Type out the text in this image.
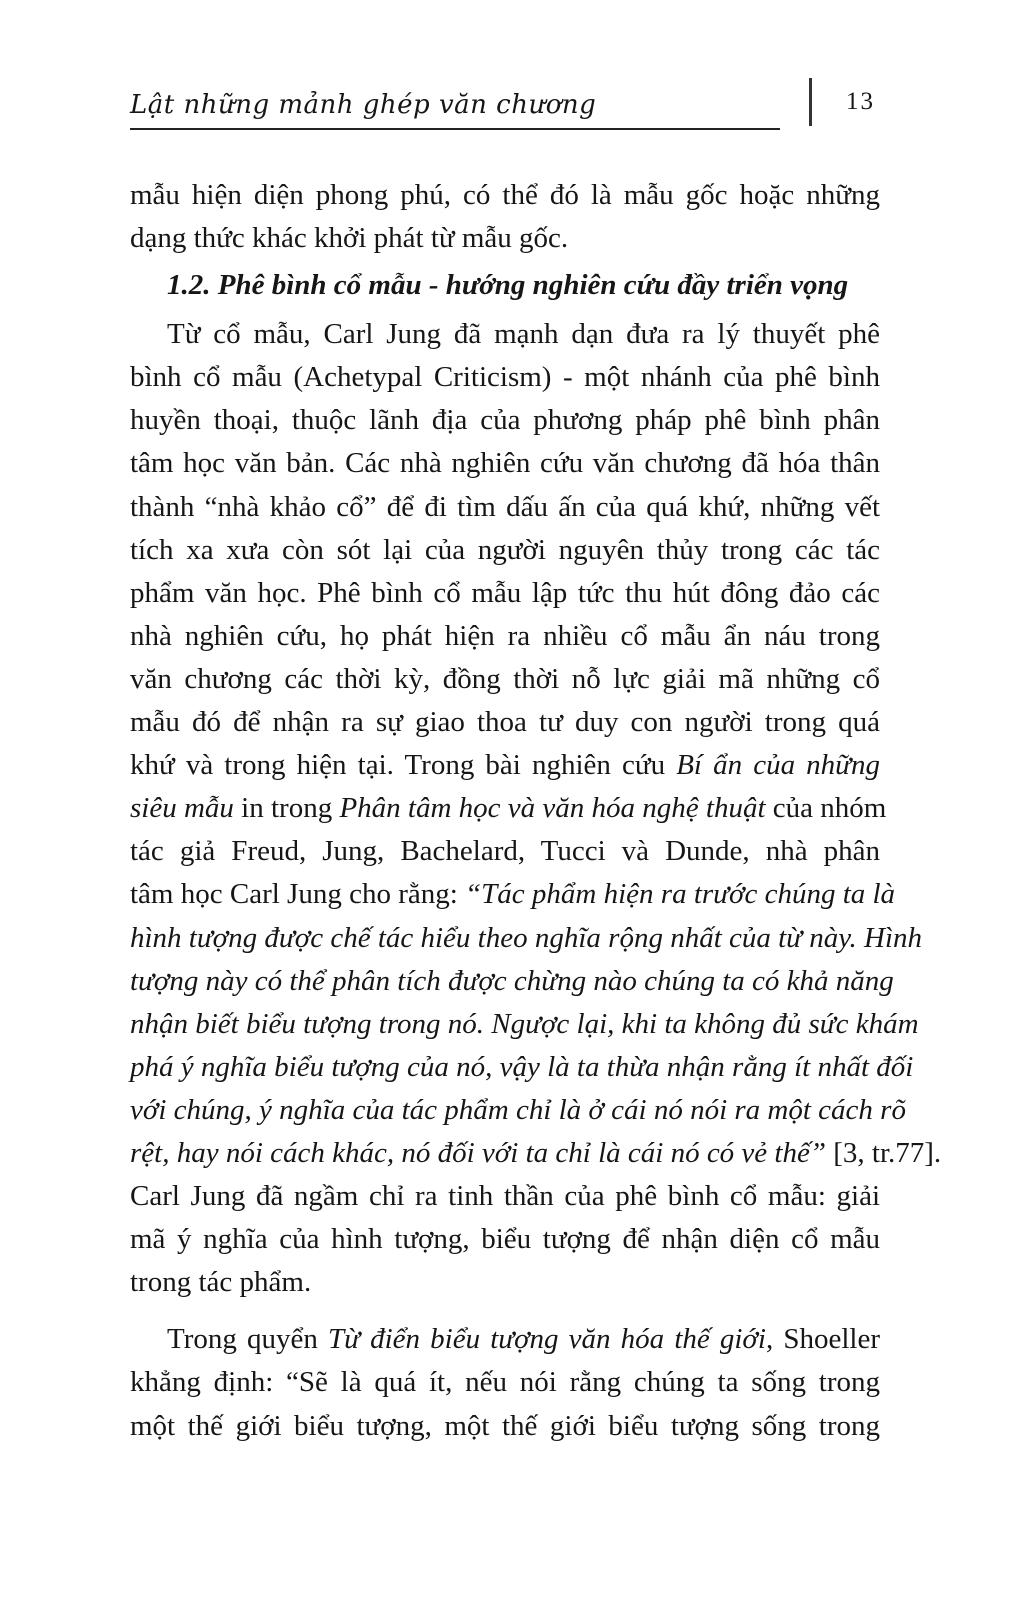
Lật những mảnh ghép văn chương	13
mẫu hiện diện phong phú, có thể đó là mẫu gốc hoặc những
dạng thức khác khởi phát từ mẫu gốc.
1.2. Phê bình cổ mẫu - hướng nghiên cứu đầy triển vọng
Từ cổ mẫu, Carl Jung đã mạnh dạn đưa ra lý thuyết phê
bình cổ mẫu (Achetypal Criticism) - một nhánh của phê bình
huyền thoại, thuộc lãnh địa của phương pháp phê bình phân
tâm học văn bản. Các nhà nghiên cứu văn chương đã hóa thân
thành “nhà khảo cổ” để đi tìm dấu ấn của quá khứ, những vết
tích xa xưa còn sót lại của người nguyên thủy trong các tác
phẩm văn học. Phê bình cổ mẫu lập tức thu hút đông đảo các
nhà nghiên cứu, họ phát hiện ra nhiều cổ mẫu ẩn náu trong
văn chương các thời kỳ, đồng thời nỗ lực giải mã những cổ
mẫu đó để nhận ra sự giao thoa tư duy con người trong quá
khứ và trong hiện tại. Trong bài nghiên cứu Bí ẩn của những
siêu mẫu in trong Phân tâm học và văn hóa nghệ thuật của nhóm
tác giả Freud, Jung, Bachelard, Tucci và Dunde, nhà phân
tâm học Carl Jung cho rằng: “Tác phẩm hiện ra trước chúng ta là
hình tượng được chế tác hiểu theo nghĩa rộng nhất của từ này. Hình
tượng này có thể phân tích được chừng nào chúng ta có khả năng
nhận biết biểu tượng trong nó. Ngược lại, khi ta không đủ sức khám
phá ý nghĩa biểu tượng của nó, vậy là ta thừa nhận rằng ít nhất đối
với chúng, ý nghĩa của tác phẩm chỉ là ở cái nó nói ra một cách rõ
rệt, hay nói cách khác, nó đối với ta chỉ là cái nó có vẻ thế” [3, tr.77].
Carl Jung đã ngầm chỉ ra tinh thần của phê bình cổ mẫu: giải
mã ý nghĩa của hình tượng, biểu tượng để nhận diện cổ mẫu
trong tác phẩm.
Trong quyển Từ điển biểu tượng văn hóa thế giới, Shoeller
khẳng định: “Sẽ là quá ít, nếu nói rằng chúng ta sống trong
một thế giới biểu tượng, một thế giới biểu tượng sống trong
